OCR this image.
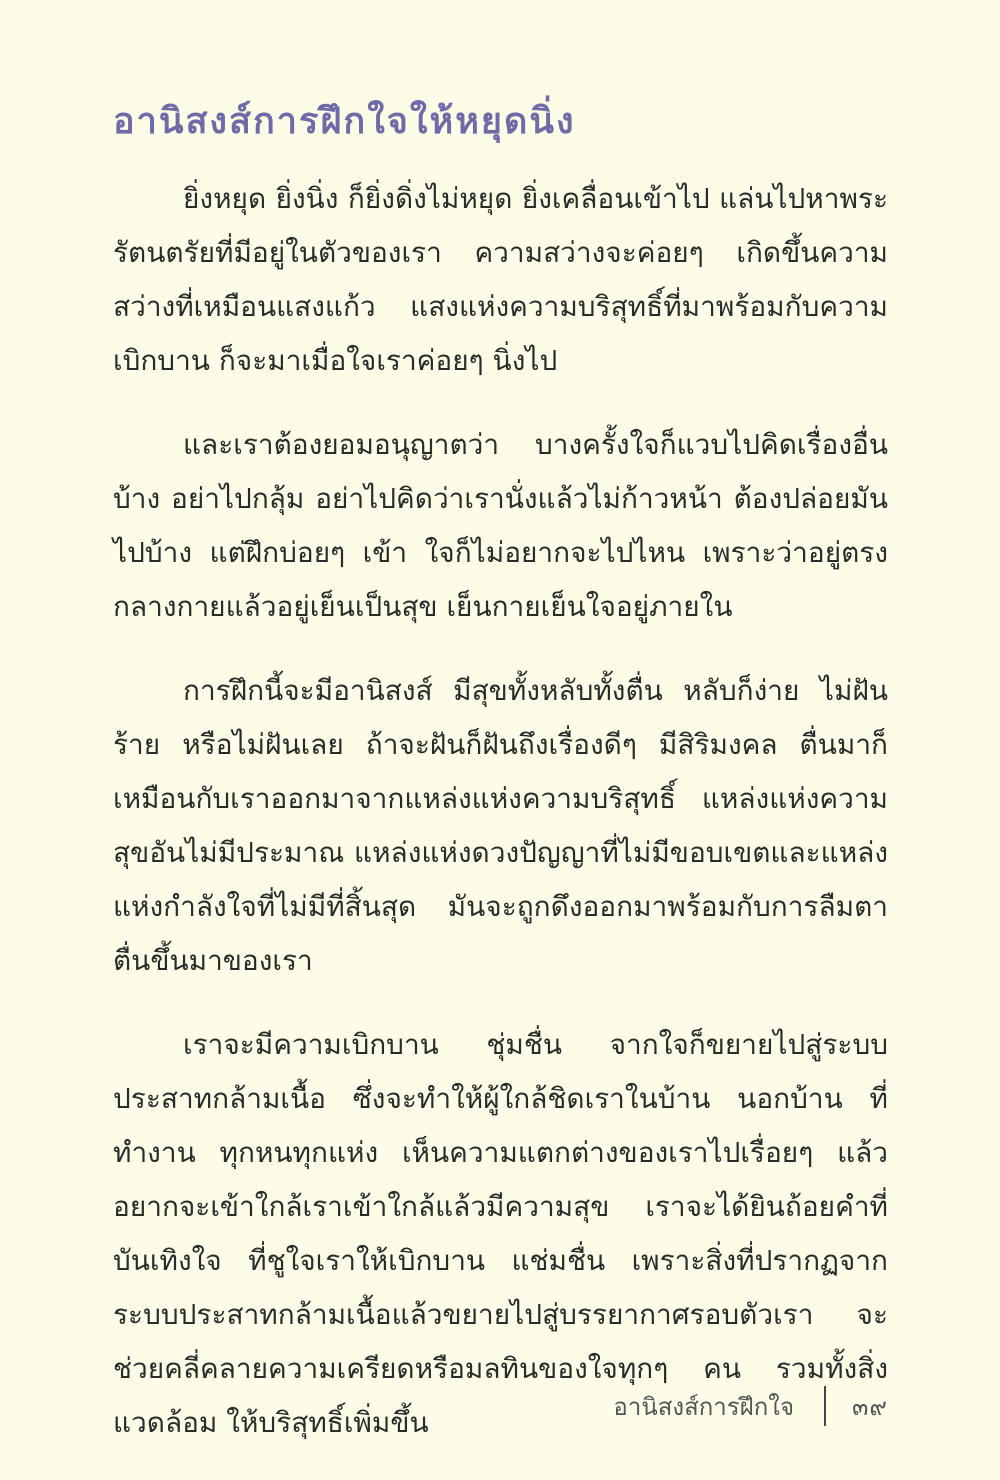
อานิสงส์การฝึกใจให้หยุดนิ่ง

ยิ่งหยุด ยิ่งนิ่ง ก็ยิ่งดิ่งไม่หยุด ยิ่งเคลื่อนเข้าไป แล่นไปหาพระรัตนตรัยที่มีอยู่ในตัวของเรา ความสว่างจะค่อยๆ เกิดขึ้นความสว่างที่เหมือนแสงแก้ว แสงแห่งความบริสุทธิ์ที่มาพร้อมกับความเบิกบาน ก็จะมาเมื่อใจเราค่อยๆ นิ่งไป

และเราต้องยอมอนุญาตว่า บางครั้งใจก็แวบไปคิดเรื่องอื่นบ้าง อย่าไปกลุ้ม อย่าไปคิดว่าเรานั่งแล้วไม่ก้าวหน้า ต้องปล่อยมันไปบ้าง แต่ฝึกบ่อยๆ เข้า ใจก็ไม่อยากจะไปไหน เพราะว่าอยู่ตรงกลางกายแล้วอยู่เย็นเป็นสุข เย็นกายเย็นใจอยู่ภายใน

การฝึกนี้จะมีอานิสงส์ มีสุขทั้งหลับทั้งตื่น หลับก็ง่าย ไม่ฝันร้าย หรือไม่ฝันเลย ถ้าจะฝันก็ฝันถึงเรื่องดีๆ มีสิริมงคล ตื่นมาก็เหมือนกับเราออกมาจากแหล่งแห่งความบริสุทธิ์ แหล่งแห่งความสุขอันไม่มีประมาณ แหล่งแห่งดวงปัญญาที่ไม่มีขอบเขตและแหล่งแห่งกำลังใจที่ไม่มีที่สิ้นสุด มันจะถูกดึงออกมาพร้อมกับการลืมตาตื่นขึ้นมาของเรา

เราจะมีความเบิกบาน ชุ่มชื่น จากใจก็ขยายไปสู่ระบบประสาทกล้ามเนื้อ ซึ่งจะทำให้ผู้ใกล้ชิดเราในบ้าน นอกบ้าน ที่ทำงาน ทุกหนทุกแห่ง เห็นความแตกต่างของเราไปเรื่อยๆ แล้วอยากจะเข้าใกล้เราเข้าใกล้แล้วมีความสุข เราจะได้ยินถ้อยคำที่บันเทิงใจ ที่ชูใจเราให้เบิกบาน แช่มชื่น เพราะสิ่งที่ปรากฏจากระบบประสาทกล้ามเนื้อแล้วขยายไปสู่บรรยากาศรอบตัวเรา จะช่วยคลี่คลายความเครียดหรือมลทินของใจทุกๆ คน รวมทั้งสิ่งแวดล้อม ให้บริสุทธิ์เพิ่มขึ้น	อานิสงส์การฝึกใจ ๓๙
